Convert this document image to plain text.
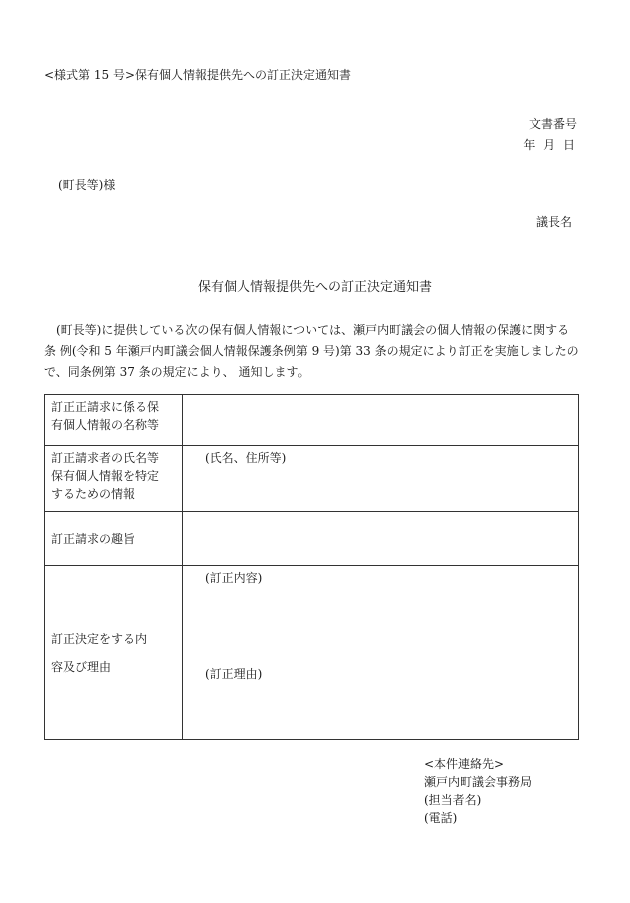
<様式第 15 号>保有個人情報提供先への訂正決定通知書
文書番号
年 月 日
(町長等)様
議長名
保有個人情報提供先への訂正決定通知書
　(町長等)に提供している次の保有個人情報については、瀬戸内町議会の個人情報の保護に関する
条 例(令和 5 年瀬戸内町議会個人情報保護条例第 9 号)第 33 条の規定により訂正を実施しましたの
で、同条例第 37 条の規定により、 通知します。
訂正正請求に係る保
有個人情報の名称等	

訂正請求者の氏名等
保有個人情報を特定
するための情報	(氏名、住所等)

訂正請求の趣旨	

訂正決定をする内
容及び理由	(訂正内容)
(訂正理由)
<本件連絡先>
瀬戸内町議会事務局
(担当者名)
(電話)
